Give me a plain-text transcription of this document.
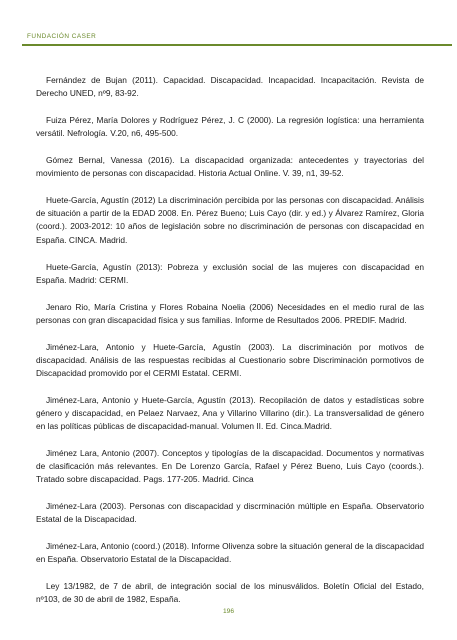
FUNDACIÓN CASER

Fernández de Bujan (2011). Capacidad. Discapacidad. Incapacidad. Incapacitación. Revista de Derecho UNED, nº9, 83-92.

Fuiza Pérez, María Dolores y Rodríguez Pérez, J. C (2000). La regresión logística: una herramienta versátil. Nefrología. V.20, n6, 495-500.

Gómez Bernal, Vanessa (2016). La discapacidad organizada: antecedentes y trayectorias del movimiento de personas con discapacidad. Historia Actual Online. V. 39, n1, 39-52.

Huete-García, Agustín (2012) La discriminación percibida por las personas con discapacidad. Análisis de situación a partir de la EDAD 2008. En. Pérez Bueno; Luis Cayo (dir. y ed.) y Álvarez Ramírez, Gloria (coord.). 2003-2012: 10 años de legislación sobre no discriminación de personas con discapacidad en España. CINCA. Madrid.

Huete-García, Agustín (2013): Pobreza y exclusión social de las mujeres con discapacidad en España. Madrid: CERMI.

Jenaro Rio, María Cristina y Flores Robaina Noelia (2006) Necesidades en el medio rural de las personas con gran discapacidad física y sus familias. Informe de Resultados 2006. PREDIF. Madrid.

Jiménez-Lara, Antonio y Huete-García, Agustín (2003). La discriminación por motivos de discapacidad. Análisis de las respuestas recibidas al Cuestionario sobre Discriminación pormotivos de Discapacidad promovido por el CERMI Estatal. CERMI.

Jiménez-Lara, Antonio y Huete-García, Agustín (2013). Recopilación de datos y estadísticas sobre género y discapacidad, en Pelaez Narvaez, Ana y Villarino Villarino (dir.). La transversalidad de género en las políticas públicas de discapacidad-manual. Volumen II. Ed. Cinca.Madrid.

Jiménez Lara, Antonio (2007). Conceptos y tipologías de la discapacidad. Documentos y normativas de clasificación más relevantes. En De Lorenzo García, Rafael y Pérez Bueno, Luis Cayo (coords.). Tratado sobre discapacidad. Pags. 177-205. Madrid. Cinca

Jiménez-Lara (2003). Personas con discapacidad y discrminación múltiple en España. Observatorio Estatal de la Discapacidad.

Jiménez-Lara, Antonio (coord.) (2018). Informe Olivenza sobre la situación general de la discapacidad en España. Observatorio Estatal de la Discapacidad.

Ley 13/1982, de 7 de abril, de integración social de los minusválidos. Boletín Oficial del Estado, nº103, de 30 de abril de 1982, España.

196
